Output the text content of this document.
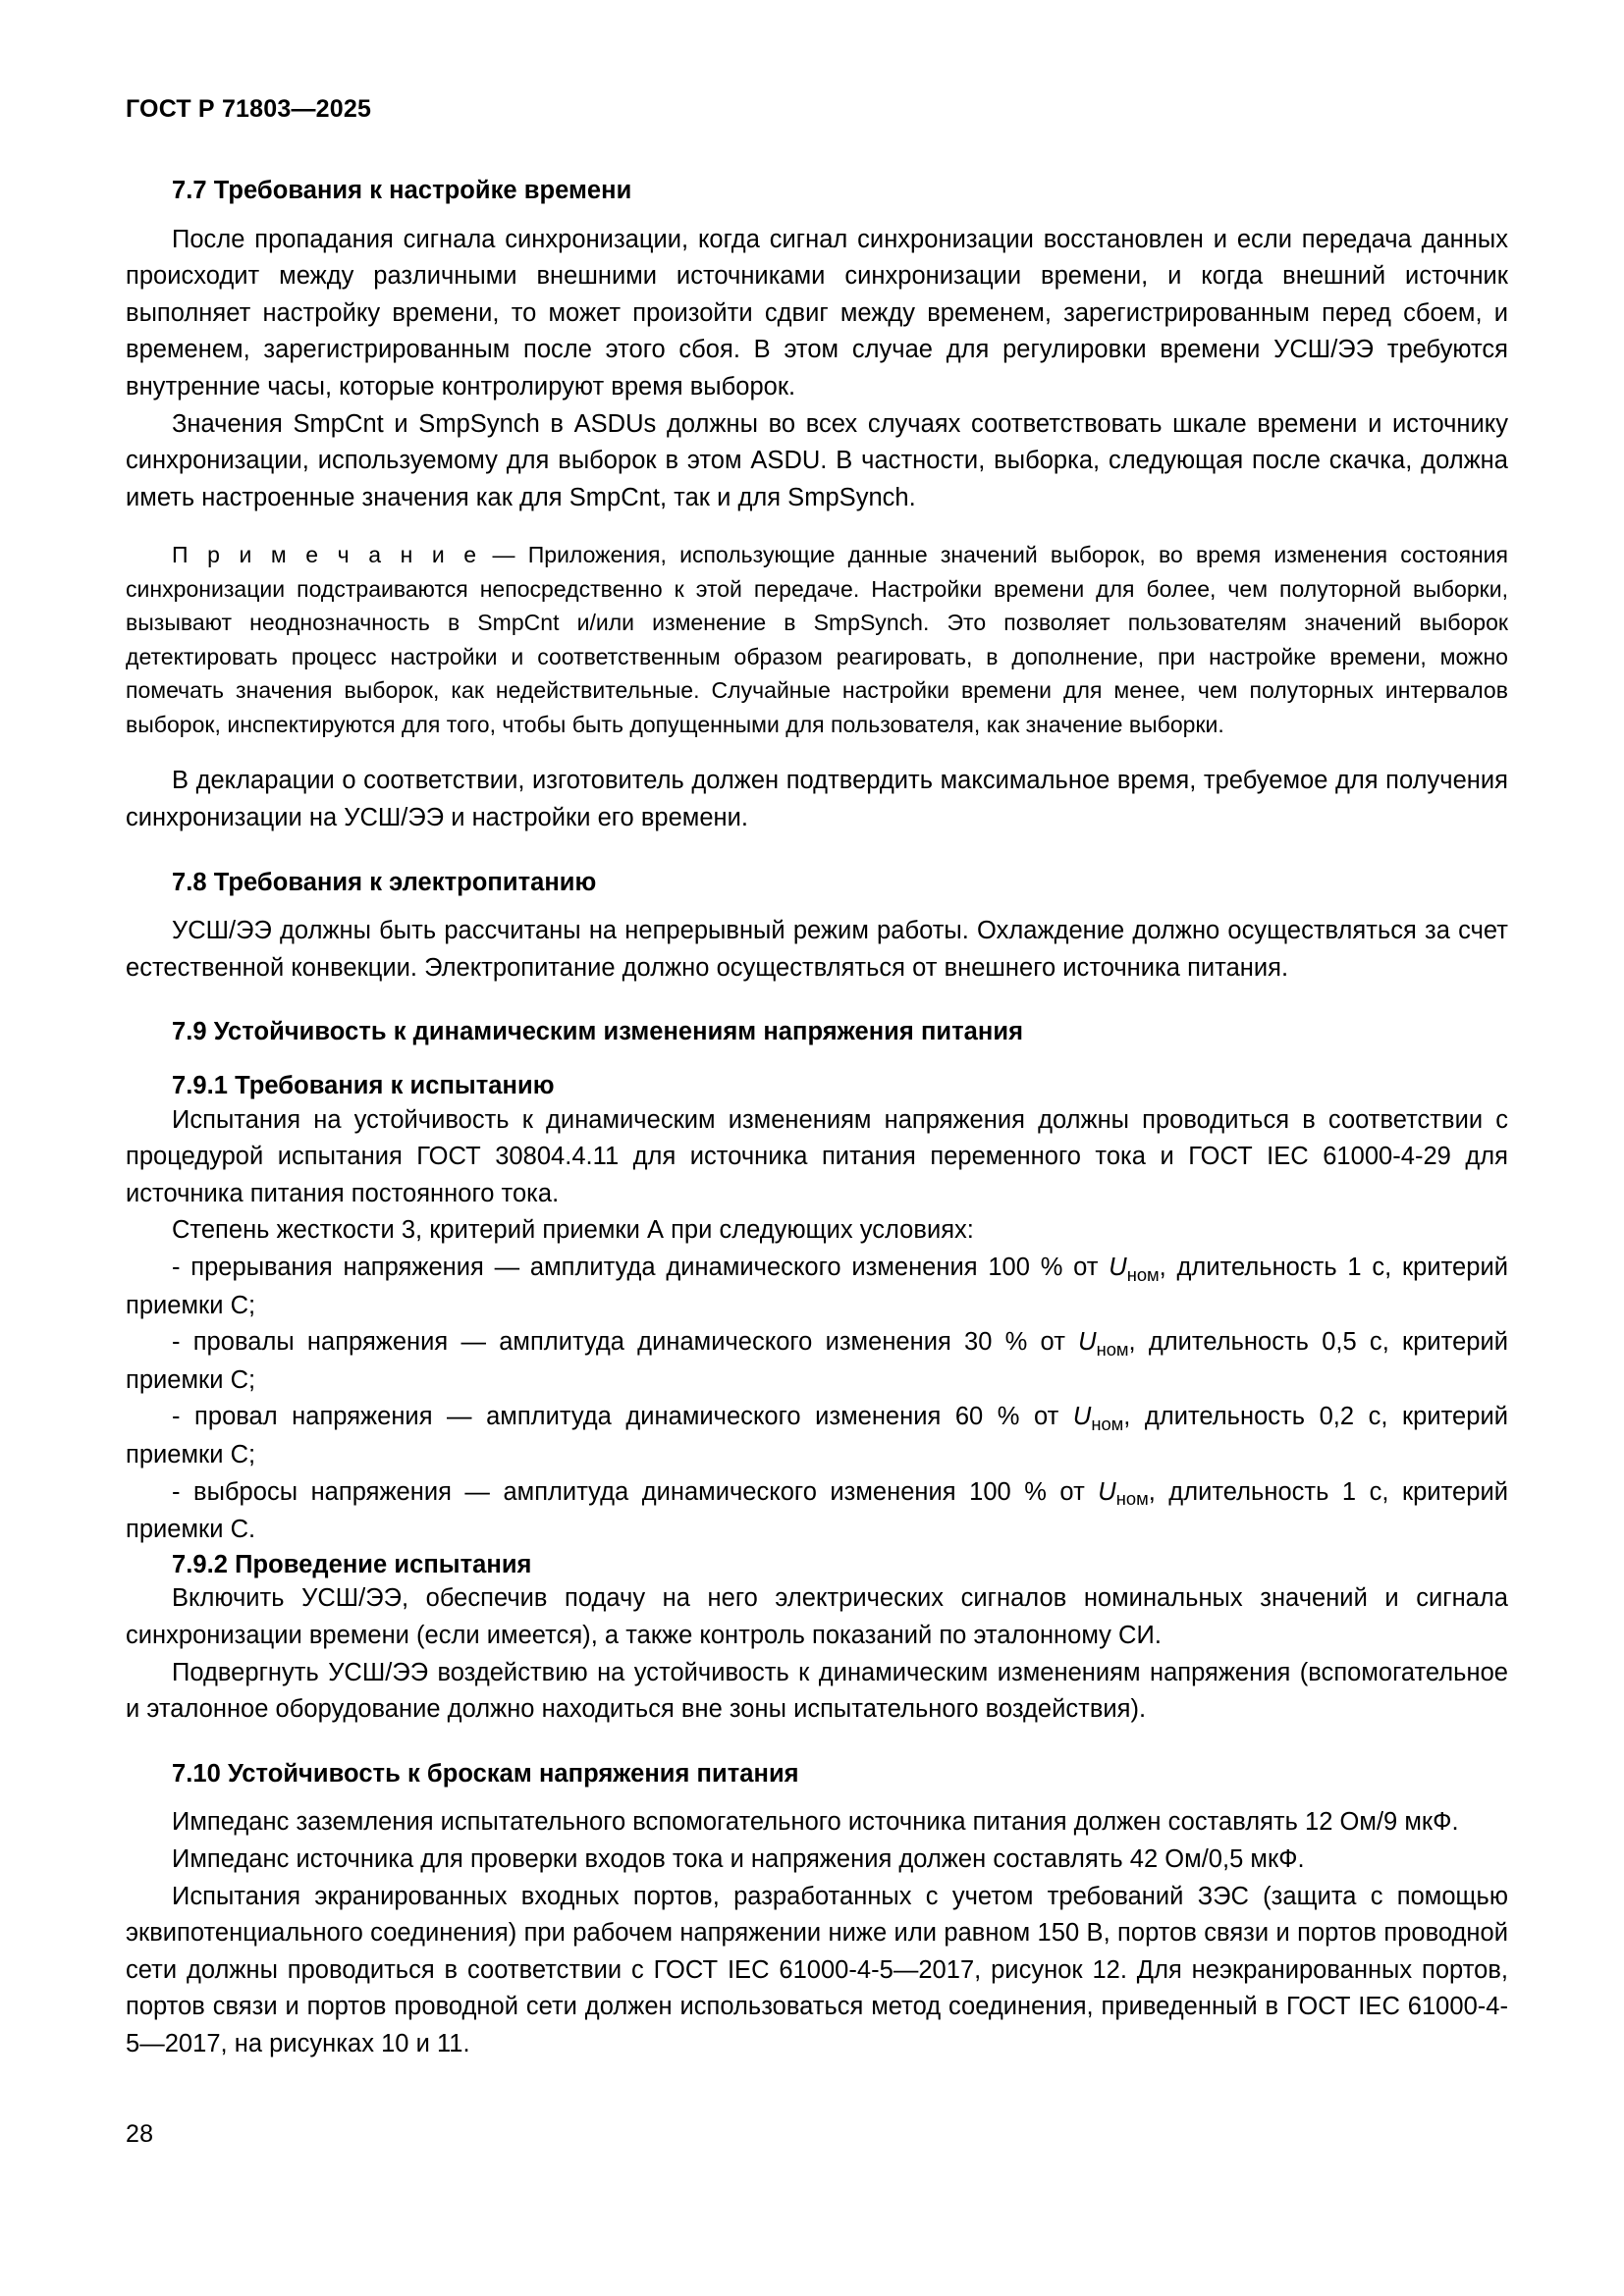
ГОСТ Р 71803—2025
7.7 Требования к настройке времени

После пропадания сигнала синхронизации, когда сигнал синхронизации восстановлен и если передача данных происходит между различными внешними источниками синхронизации времени, и когда внешний источник выполняет настройку времени, то может произойти сдвиг между временем, зарегистрированным перед сбоем, и временем, зарегистрированным после этого сбоя. В этом случае для регулировки времени УСШ/ЭЭ требуются внутренние часы, которые контролируют время выборок.

Значения SmpCnt и SmpSynch в ASDUs должны во всех случаях соответствовать шкале времени и источнику синхронизации, используемому для выборок в этом ASDU. В частности, выборка, следующая после скачка, должна иметь настроенные значения как для SmpCnt, так и для SmpSynch.

П р и м е ч а н и е — Приложения, использующие данные значений выборок, во время изменения состояния синхронизации подстраиваются непосредственно к этой передаче. Настройки времени для более, чем полуторной выборки, вызывают неоднозначность в SmpCnt и/или изменение в SmpSynch. Это позволяет пользователям значений выборок детектировать процесс настройки и соответственным образом реагировать, в дополнение, при настройке времени, можно помечать значения выборок, как недействительные. Случайные настройки времени для менее, чем полуторных интервалов выборок, инспектируются для того, чтобы быть допущенными для пользователя, как значение выборки.

В декларации о соответствии, изготовитель должен подтвердить максимальное время, требуемое для получения синхронизации на УСШ/ЭЭ и настройки его времени.

7.8 Требования к электропитанию

УСШ/ЭЭ должны быть рассчитаны на непрерывный режим работы. Охлаждение должно осуществляться за счет естественной конвекции. Электропитание должно осуществляться от внешнего источника питания.

7.9 Устойчивость к динамическим изменениям напряжения питания
7.9.1 Требования к испытанию

Испытания на устойчивость к динамическим изменениям напряжения должны проводиться в соответствии с процедурой испытания ГОСТ 30804.4.11 для источника питания переменного тока и ГОСТ IEC 61000-4-29 для источника питания постоянного тока.

Степень жесткости 3, критерий приемки А при следующих условиях:

- прерывания напряжения — амплитуда динамического изменения 100 % от $U_{ном}$, длительность 1 с, критерий приемки С;

- провалы напряжения — амплитуда динамического изменения 30 % от $U_{ном}$, длительность 0,5 с, критерий приемки С;

- провал напряжения — амплитуда динамического изменения 60 % от $U_{ном}$, длительность 0,2 с, критерий приемки С;

- выбросы напряжения — амплитуда динамического изменения 100 % от $U_{ном}$, длительность 1 с, критерий приемки С.

7.9.2 Проведение испытания

Включить УСШ/ЭЭ, обеспечив подачу на него электрических сигналов номинальных значений и сигнала синхронизации времени (если имеется), а также контроль показаний по эталонному СИ.

Подвергнуть УСШ/ЭЭ воздействию на устойчивость к динамическим изменениям напряжения (вспомогательное и эталонное оборудование должно находиться вне зоны испытательного воздействия).

7.10 Устойчивость к броскам напряжения питания

Импеданс заземления испытательного вспомогательного источника питания должен составлять 12 Ом/9 мкФ.

Импеданс источника для проверки входов тока и напряжения должен составлять 42 Ом/0,5 мкФ.

Испытания экранированных входных портов, разработанных с учетом требований ЗЭС (защита с помощью эквипотенциального соединения) при рабочем напряжении ниже или равном 150 В, портов связи и портов проводной сети должны проводиться в соответствии с ГОСТ IEC 61000-4-5—2017, рисунок 12. Для неэкранированных портов, портов связи и портов проводной сети должен использоваться метод соединения, приведенный в ГОСТ IEC 61000-4-5—2017, на рисунках 10 и 11.

28
